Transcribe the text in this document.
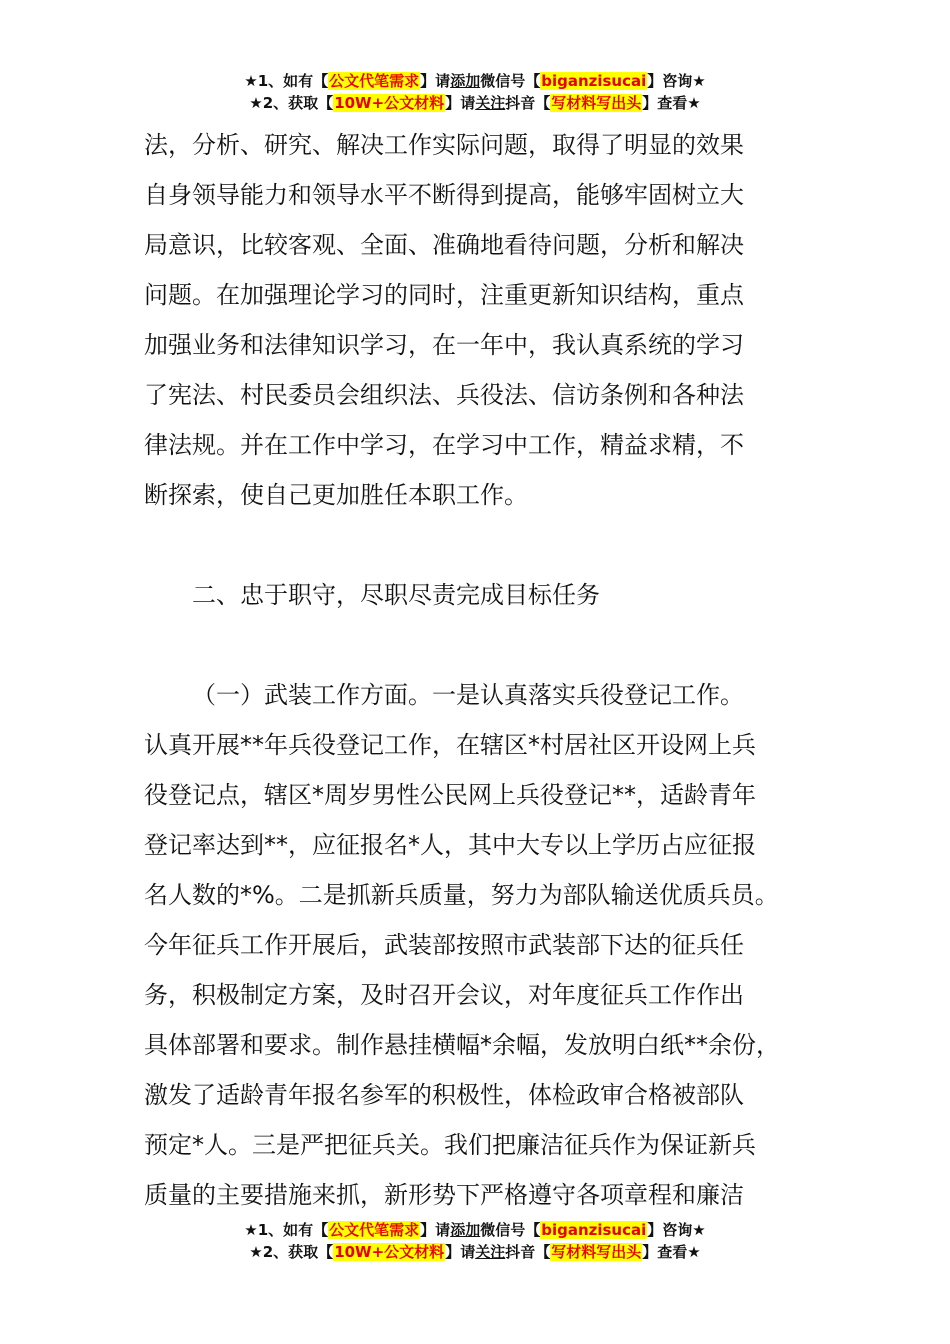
★1、如有【公文代笔需求】请添加微信号【biganzisucai】咨询★
★2、获取【10W+公文材料】请关注抖音【写材料写出头】查看★

法，分析、研究、解决工作实际问题，取得了明显的效果

自身领导能力和领导水平不断得到提高，能够牢固树立大

局意识，比较客观、全面、准确地看待问题，分析和解决

问题。在加强理论学习的同时，注重更新知识结构，重点

加强业务和法律知识学习，在一年中，我认真系统的学习

了宪法、村民委员会组织法、兵役法、信访条例和各种法

律法规。并在工作中学习，在学习中工作，精益求精，不

断探索，使自己更加胜任本职工作。

二、忠于职守，尽职尽责完成目标任务

（一）武装工作方面。一是认真落实兵役登记工作。

认真开展**年兵役登记工作，在辖区*村居社区开设网上兵

役登记点，辖区*周岁男性公民网上兵役登记**，适龄青年

登记率达到**，应征报名*人，其中大专以上学历占应征报

名人数的*%。二是抓新兵质量，努力为部队输送优质兵员。

今年征兵工作开展后，武装部按照市武装部下达的征兵任

务，积极制定方案，及时召开会议，对年度征兵工作作出

具体部署和要求。制作悬挂横幅*余幅，发放明白纸**余份，

激发了适龄青年报名参军的积极性，体检政审合格被部队

预定*人。三是严把征兵关。我们把廉洁征兵作为保证新兵

质量的主要措施来抓，新形势下严格遵守各项章程和廉洁

★1、如有【公文代笔需求】请添加微信号【biganzisucai】咨询★
★2、获取【10W+公文材料】请关注抖音【写材料写出头】查看★
